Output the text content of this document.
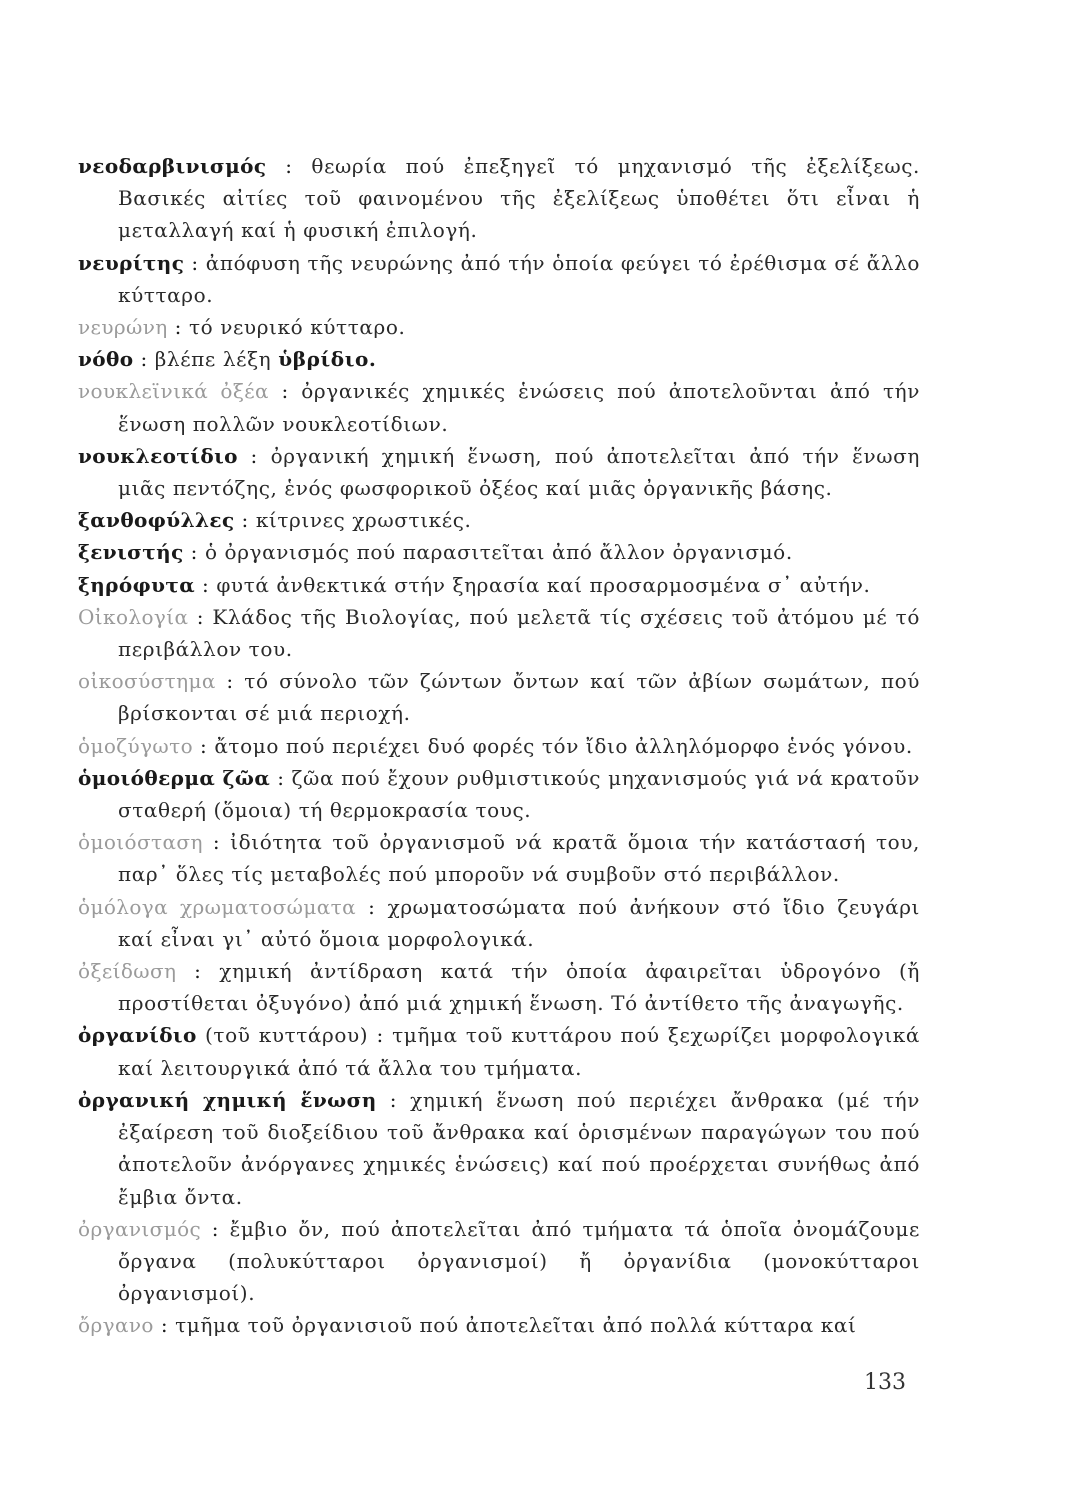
νεοδαρβινισμός : θεωρία πού ἐπεξηγεῖ τό μηχανισμό τῆς ἐξελίξεως. Βασικές αἰτίες τοῦ φαινομένου τῆς ἐξελίξεως ὑποθέτει ὅτι εἶναι ἡ μεταλλαγή καί ἡ φυσική ἐπιλογή.

νευρίτης : ἀπόφυση τῆς νευρώνης ἀπό τήν ὁποία φεύγει τό ἐρέθισμα σέ ἄλλο κύτταρο.

νευρώνη : τό νευρικό κύτταρο.

νόθο : βλέπε λέξη ὑβρίδιο.

νουκλεϊνικά ὀξέα : ὀργανικές χημικές ἑνώσεις πού ἀποτελοῦνται ἀπό τήν ἕνωση πολλῶν νουκλεοτίδιων.

νουκλεοτίδιο : ὀργανική χημική ἕνωση, πού ἀποτελεῖται ἀπό τήν ἕνωση μιᾶς πεντόζης, ἑνός φωσφορικοῦ ὀξέος καί μιᾶς ὀργανικῆς βάσης.

ξανθοφύλλες : κίτρινες χρωστικές.

ξενιστής : ὁ ὀργανισμός πού παρασιτεῖται ἀπό ἄλλον ὀργανισμό.

ξηρόφυτα : φυτά ἀνθεκτικά στήν ξηρασία καί προσαρμοσμένα σ᾿ αὐτήν.

Οἰκολογία : Κλάδος τῆς Βιολογίας, πού μελετᾶ τίς σχέσεις τοῦ ἀτόμου μέ τό περιβάλλον του.

οἰκοσύστημα : τό σύνολο τῶν ζώντων ὄντων καί τῶν ἀβίων σωμάτων, πού βρίσκονται σέ μιά περιοχή.

ὁμοζύγωτο : ἄτομο πού περιέχει δυό φορές τόν ἴδιο ἀλληλόμορφο ἑνός γόνου.

ὁμοιόθερμα ζῶα : ζῶα πού ἔχουν ρυθμιστικούς μηχανισμούς γιά νά κρατοῦν σταθερή (ὅμοια) τή θερμοκρασία τους.

ὁμοιόσταση : ἰδιότητα τοῦ ὀργανισμοῦ νά κρατᾶ ὅμοια τήν κατάστασή του, παρ᾿ ὅλες τίς μεταβολές πού μποροῦν νά συμβοῦν στό περιβάλλον.

ὁμόλογα χρωματοσώματα : χρωματοσώματα πού ἀνήκουν στό ἴδιο ζευγάρι καί εἶναι γι᾿ αὐτό ὅμοια μορφολογικά.

ὀξείδωση : χημική ἀντίδραση κατά τήν ὁποία ἀφαιρεῖται ὑδρογόνο (ἤ προστίθεται ὀξυγόνο) ἀπό μιά χημική ἕνωση. Τό ἀντίθετο τῆς ἀναγωγῆς.

ὀργανίδιο (τοῦ κυττάρου) : τμῆμα τοῦ κυττάρου πού ξεχωρίζει μορφολογικά καί λειτουργικά ἀπό τά ἄλλα του τμήματα.

ὀργανική χημική ἕνωση : χημική ἕνωση πού περιέχει ἄνθρακα (μέ τήν ἐξαίρεση τοῦ διοξείδιου τοῦ ἄνθρακα καί ὁρισμένων παραγώγων του πού ἀποτελοῦν ἀνόργανες χημικές ἑνώσεις) καί πού προέρχεται συνήθως ἀπό ἔμβια ὄντα.

ὀργανισμός : ἔμβιο ὄν, πού ἀποτελεῖται ἀπό τμήματα τά ὁποῖα ὀνομάζουμε ὄργανα (πολυκύτταροι ὀργανισμοί) ἤ ὀργανίδια (μονοκύτταροι ὀργανισμοί).

ὄργανο : τμῆμα τοῦ ὀργανισιοῦ πού ἀποτελεῖται ἀπό πολλά κύτταρα καί

133
